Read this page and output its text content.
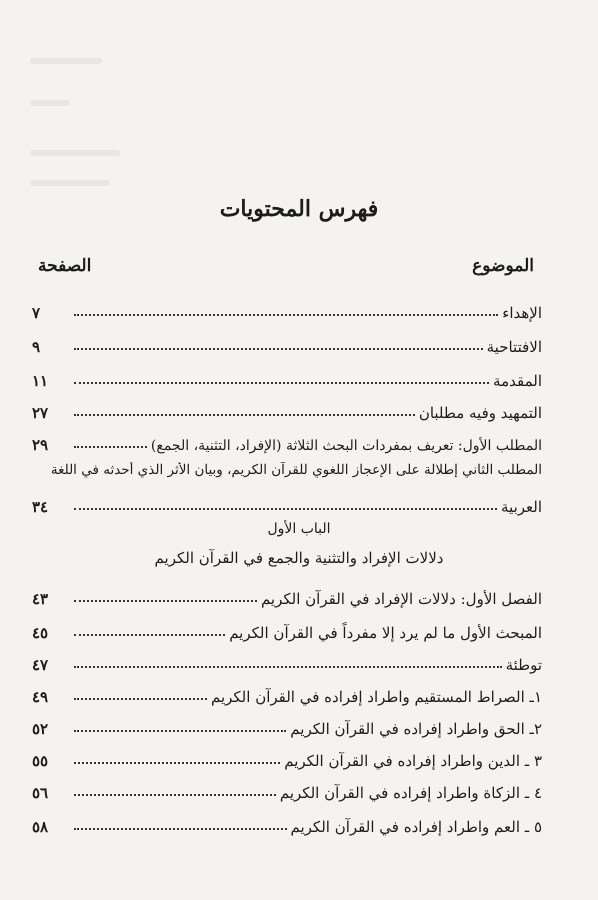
فهرس المحتويات
الموضوع
الصفحة
الإهداء
٧
الافتتاحية
٩
المقدمة
١١
التمهيد وفيه مطلبان
٢٧
المطلب الأول: تعريف بمفردات البحث الثلاثة (الإفراد، التثنية، الجمع)
٢٩
المطلب الثاني إطلالة على الإعجاز اللغوي للقرآن الكريم، وبيان الأثر الذي أحدثه في اللغة
العربية
٣٤
الباب الأول
دلالات الإفراد والتثنية والجمع في القرآن الكريم
الفصل الأول: دلالات الإفراد في القرآن الكريم
٤٣
المبحث الأول ما لم يرد إلا مفرداً في القرآن الكريم
٤٥
توطئة
٤٧
١ـ الصراط المستقيم واطراد إفراده في القرآن الكريم
٤٩
٢ـ الحق واطراد إفراده في القرآن الكريم
٥٢
٣ ـ الدين واطراد إفراده في القرآن الكريم
٥٥
٤ ـ الزكاة واطراد إفراده في القرآن الكريم
٥٦
٥ ـ العم واطراد إفراده في القرآن الكريم
٥٨
